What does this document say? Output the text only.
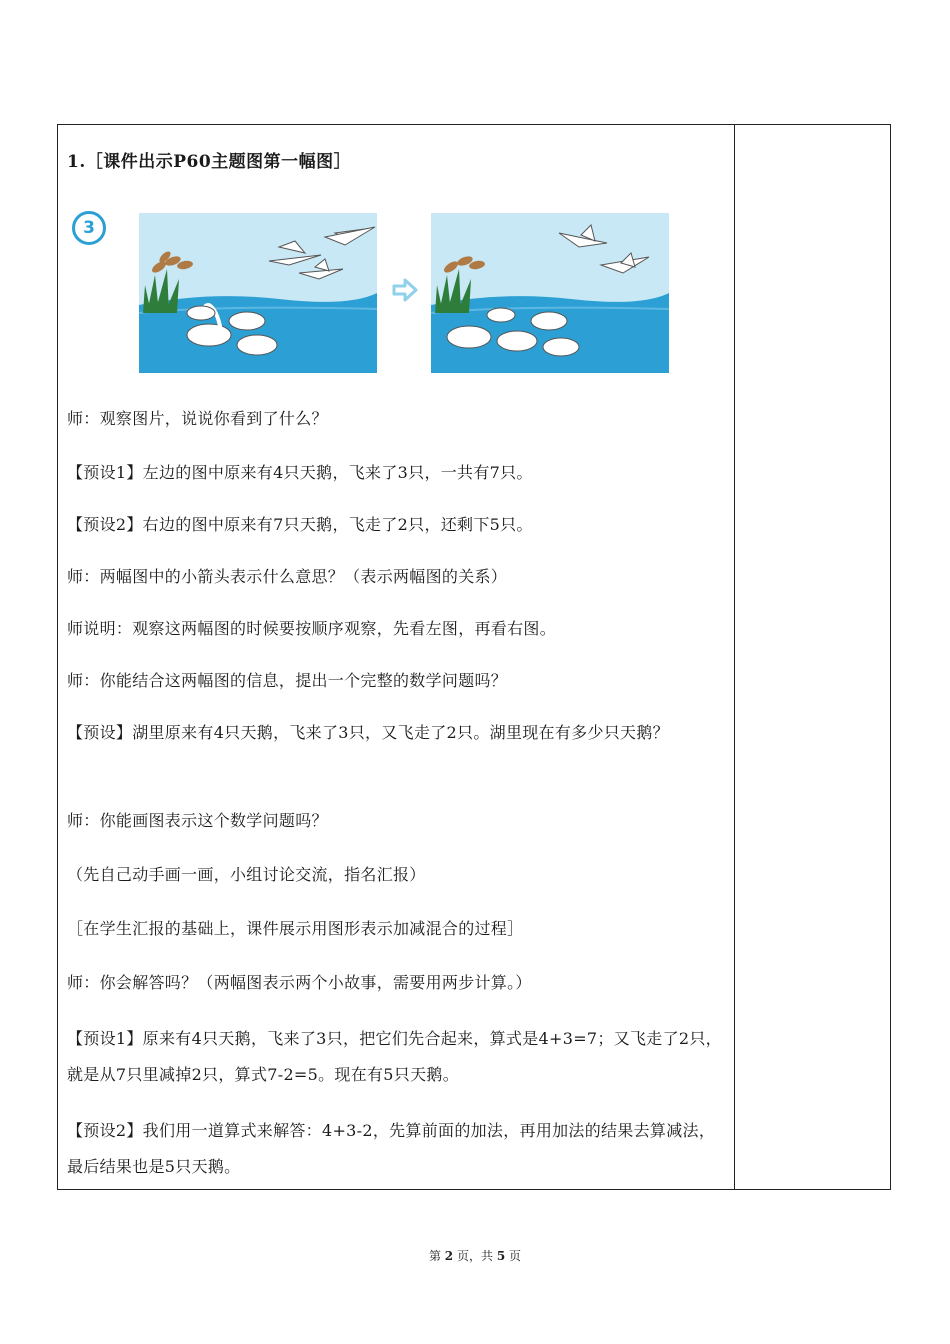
1.［课件出示P60主题图第一幅图］
3
师：观察图片，说说你看到了什么？
【预设1】左边的图中原来有4只天鹅，飞来了3只，一共有7只。
【预设2】右边的图中原来有7只天鹅，飞走了2只，还剩下5只。
师：两幅图中的小箭头表示什么意思？（表示两幅图的关系）
师说明：观察这两幅图的时候要按顺序观察，先看左图，再看右图。
师：你能结合这两幅图的信息，提出一个完整的数学问题吗？
【预设】湖里原来有4只天鹅，飞来了3只，又飞走了2只。湖里现在有多少只天鹅？
师：你能画图表示这个数学问题吗？
（先自己动手画一画，小组讨论交流，指名汇报）
［在学生汇报的基础上，课件展示用图形表示加减混合的过程］
师：你会解答吗？（两幅图表示两个小故事，需要用两步计算。）
【预设1】原来有4只天鹅，飞来了3只，把它们先合起来，算式是4+3=7；又飞走了2只，就是从7只里减掉2只，算式7-2=5。现在有5只天鹅。
【预设2】我们用一道算式来解答：4+3-2，先算前面的加法，再用加法的结果去算减法，最后结果也是5只天鹅。
第 2 页，共 5 页
